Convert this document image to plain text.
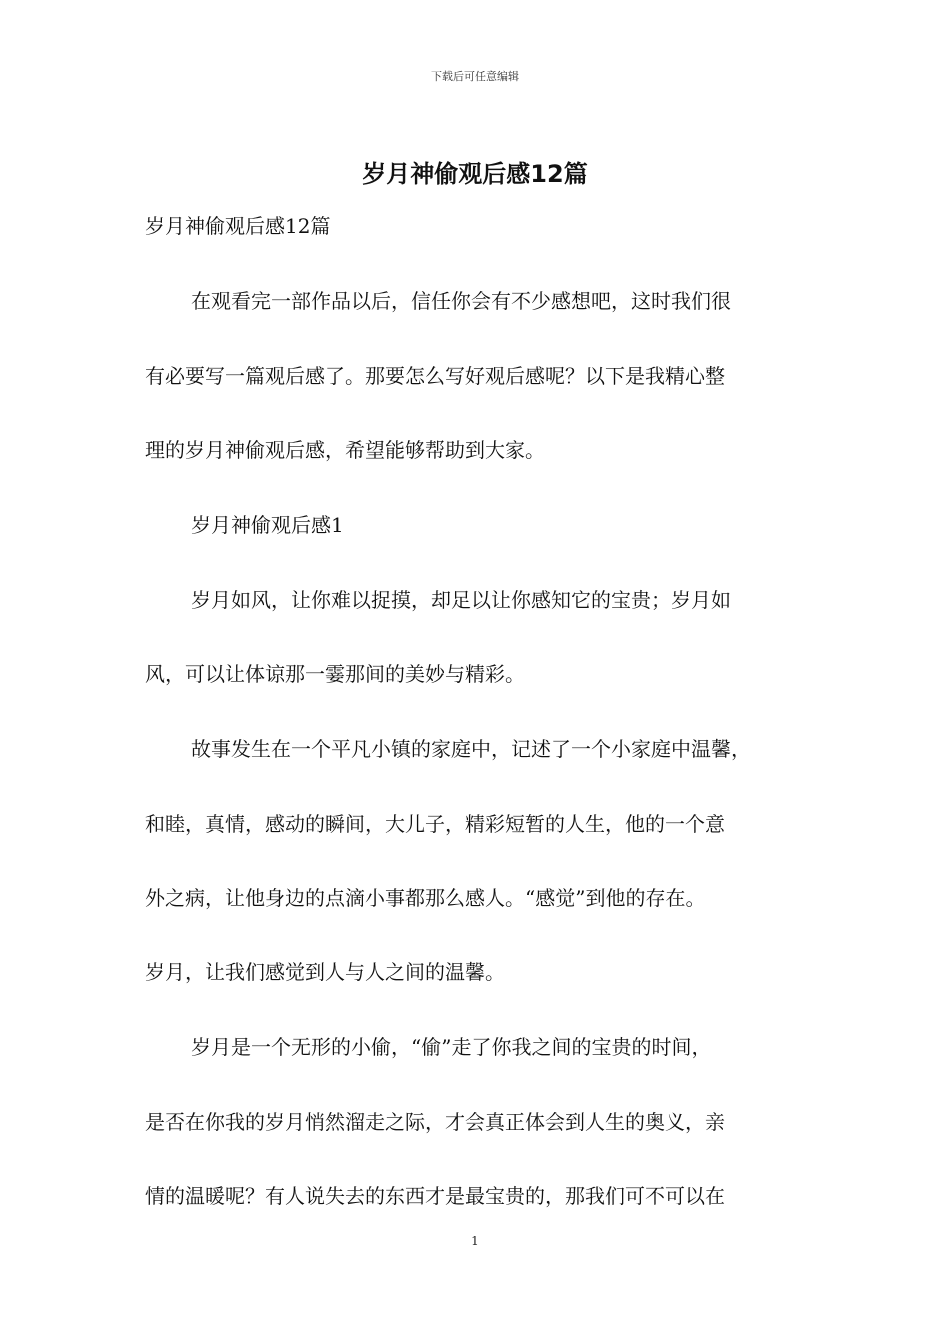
下载后可任意编辑
岁月神偷观后感12篇
岁月神偷观后感12篇
在观看完一部作品以后，信任你会有不少感想吧，这时我们很
有必要写一篇观后感了。那要怎么写好观后感呢？以下是我精心整
理的岁月神偷观后感，希望能够帮助到大家。
岁月神偷观后感1
岁月如风，让你难以捉摸，却足以让你感知它的宝贵；岁月如
风，可以让体谅那一霎那间的美妙与精彩。
故事发生在一个平凡小镇的家庭中，记述了一个小家庭中温馨，
和睦，真情，感动的瞬间，大儿子，精彩短暂的人生，他的一个意
外之病，让他身边的点滴小事都那么感人。“感觉”到他的存在。
岁月，让我们感觉到人与人之间的温馨。
岁月是一个无形的小偷，“偷”走了你我之间的宝贵的时间，
是否在你我的岁月悄然溜走之际，才会真正体会到人生的奥义，亲
情的温暖呢？有人说失去的东西才是最宝贵的，那我们可不可以在
1
